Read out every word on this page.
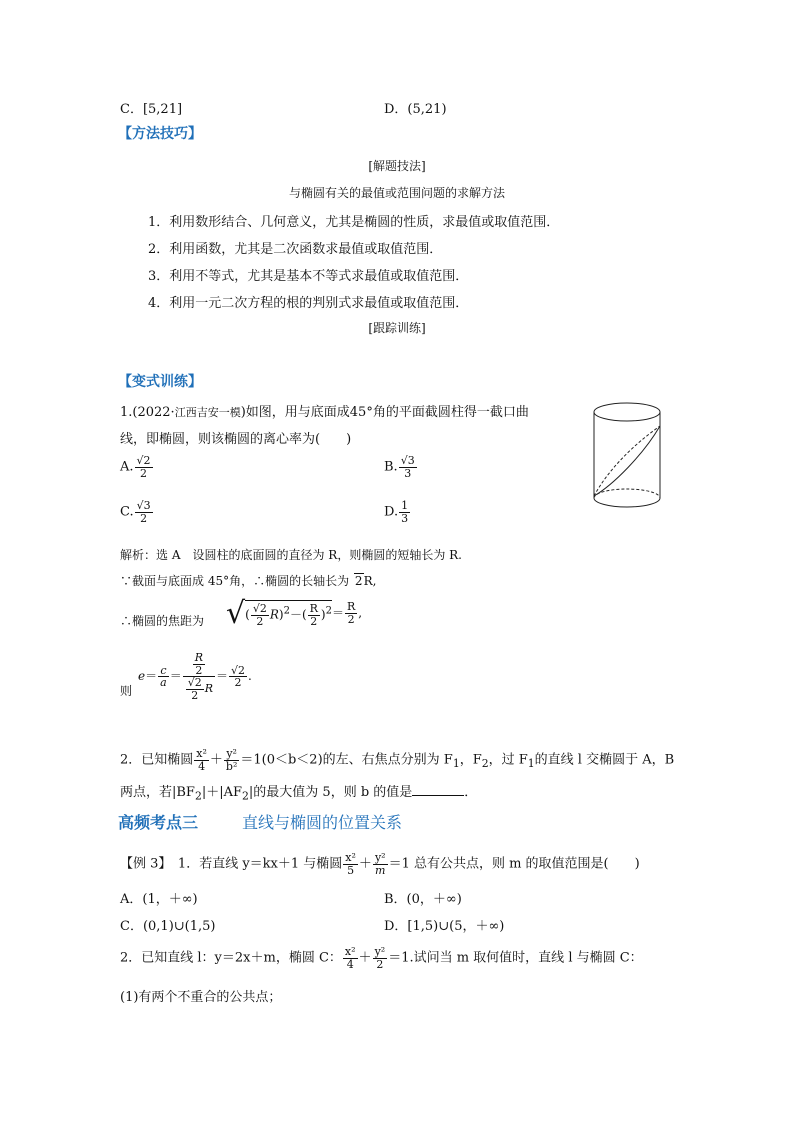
C．[5,21]	D．(5,21)
【方法技巧】
[解题技法]
与椭圆有关的最值或范围问题的求解方法
1．利用数形结合、几何意义，尤其是椭圆的性质，求最值或取值范围．
2．利用函数，尤其是二次函数求最值或取值范围．
3．利用不等式，尤其是基本不等式求最值或取值范围．
4．利用一元二次方程的根的判别式求最值或取值范围．
[跟踪训练]
【变式训练】
1.(2022·江西吉安一模)如图，用与底面成45°角的平面截圆柱得一截口曲
线，即椭圆，则该椭圆的离心率为(　　)
A. $\frac{√2}{2}$	B. $\frac{√3}{3}$
C. $\frac{√3}{2}$	D. $\frac{1}{3}$
解析：选 A　设圆柱的底面圆的直径为 R，则椭圆的短轴长为 R.
∵截面与底面成 45°角，∴椭圆的长轴长为 2R,
∴椭圆的焦距为 √( $\frac{√2}{2} R)^2-( \frac{R}{2} )^2= \frac{R}{2}$ ,
则
$e= \frac{c}{a} = \frac{\frac{R}{2}}{\frac{√2}{2} R} = \frac{√2}{2}$ .
2．已知椭圆 $\frac{\text{x²}}{4} + \frac{\text{y²}}{\text{b²}} =1(0<b<2)$的左、右焦点分别为 $F_1$，$F_2$，过 $F_1$的直线 l 交椭圆于 A，B
两点，若$|BF_2|+|AF_2|$的最大值为 5，则 b 的值是	．
高频考点三	直线与椭圆的位置关系
【例 3】　 1．若直线 y＝kx＋1 与椭圆 $\frac{\text{x²}}{5} + \frac{\text{y²}}{m} =1$ 总有公共点，则 m 的取值范围是(　　)
A．(1，＋∞)	B．(0，＋∞)
C．(0,1)∪(1,5)	D．[1,5)∪(5，＋∞)
2．已知直线 l：y＝2x＋m，椭圆 C： $\frac{\text{x²}}{4} + \frac{\text{y²}}{2} =1$.试问当 m 取何值时，直线 l 与椭圆 C：
(1)有两个不重合的公共点；
